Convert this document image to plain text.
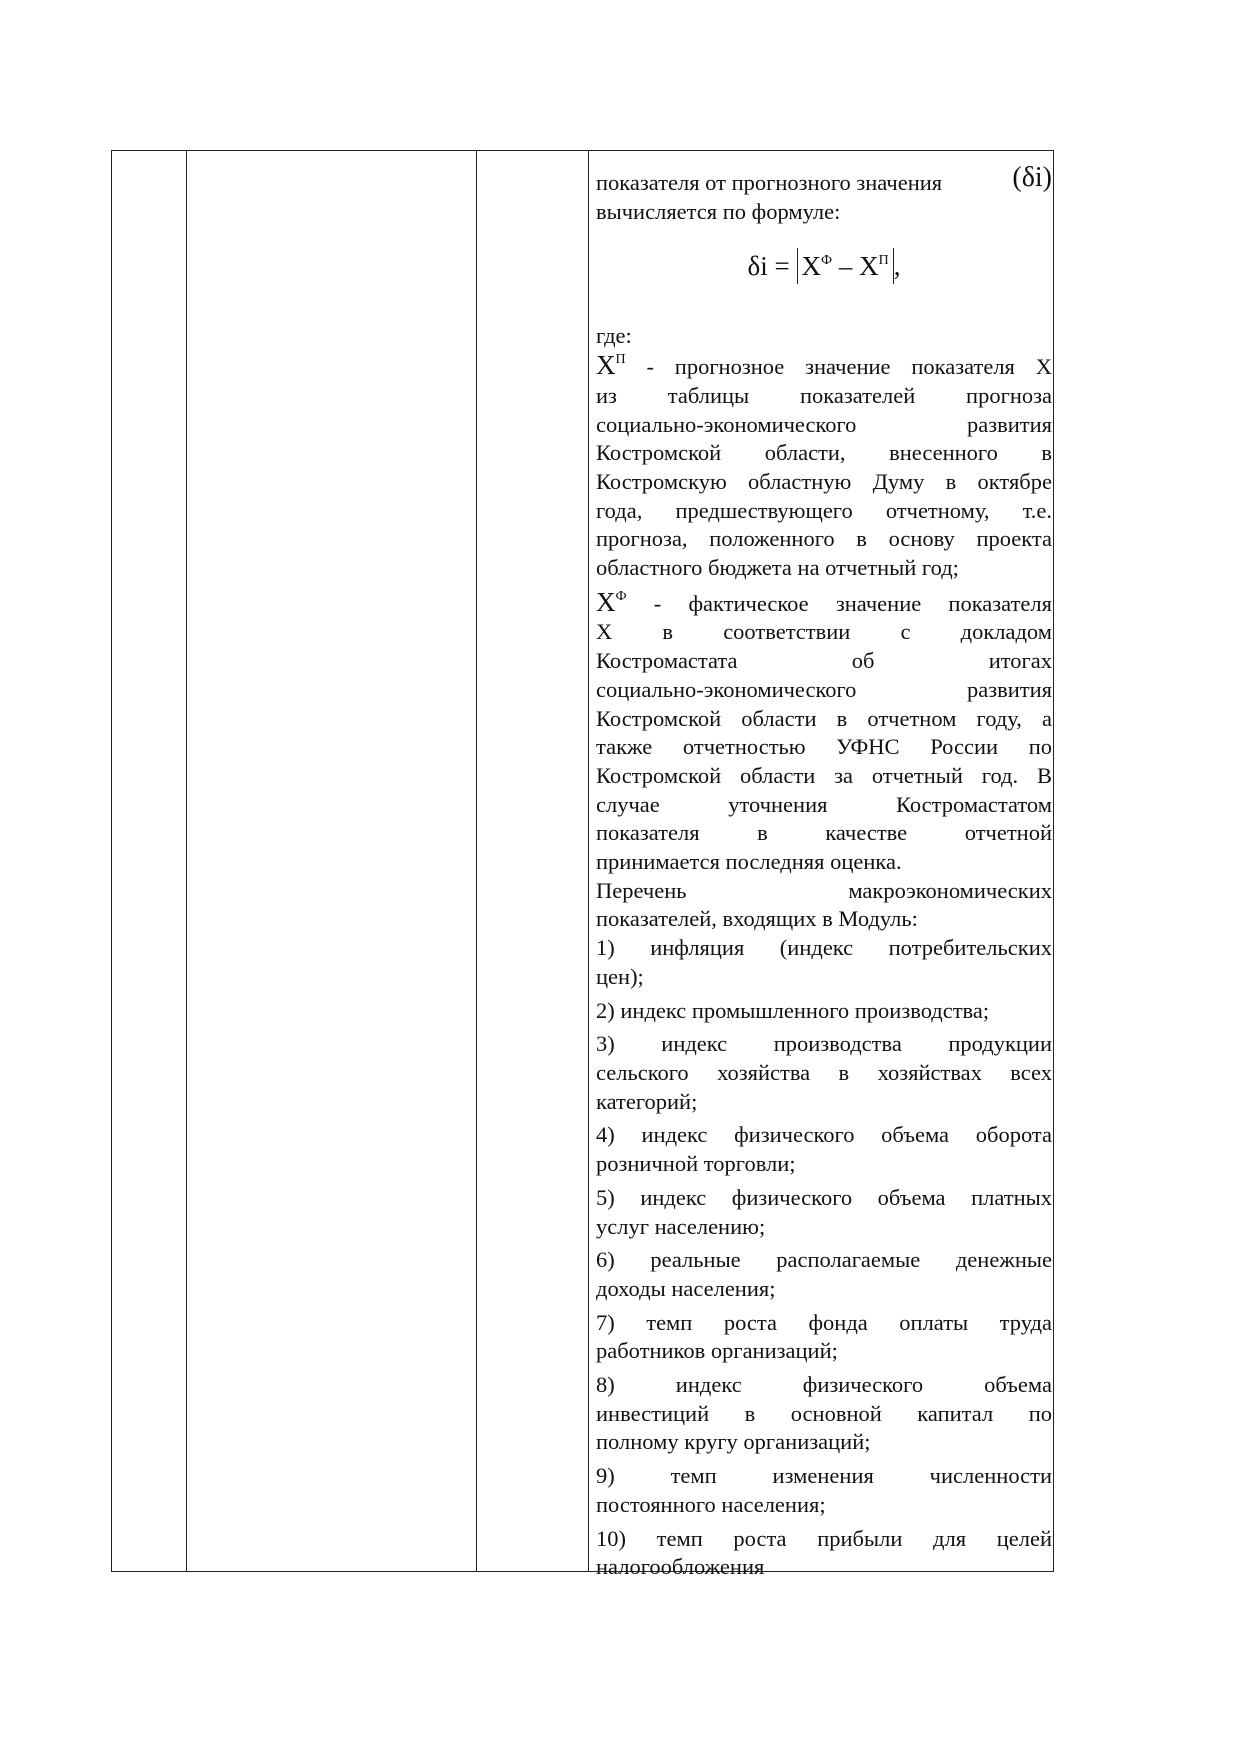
показателя от прогнозного значения	(δi)

вычисляется по формуле:

$\delta i = X^Ф - X^П$ ,

где:

$X^П$ - прогнозное значение показателя X

из таблицы показателей прогноза

социально-экономического развития

Костромской области, внесенного в

Костромскую областную Думу в октябре

года, предшествующего отчетному, т.е.

прогноза, положенного в основу проекта

областного бюджета на отчетный год;

$X^Ф$ - фактическое значение показателя

X в соответствии с докладом

Костромастата об итогах

социально-экономического развития

Костромской области в отчетном году, а

также отчетностью УФНС России по

Костромской области за отчетный год. В

случае уточнения Костромастатом

показателя в качестве отчетной

принимается последняя оценка.

Перечень макроэкономических

показателей, входящих в Модуль:

1) инфляция (индекс потребительских

цен);

2) индекс промышленного производства;

3) индекс производства продукции

сельского хозяйства в хозяйствах всех

категорий;

4) индекс физического объема оборота

розничной торговли;

5) индекс физического объема платных

услуг населению;

6) реальные располагаемые денежные

доходы населения;

7) темп роста фонда оплаты труда

работников организаций;

8) индекс физического объема

инвестиций в основной капитал по

полному кругу организаций;

9) темп изменения численности

постоянного населения;

10) темп роста прибыли для целей

налогообложения
